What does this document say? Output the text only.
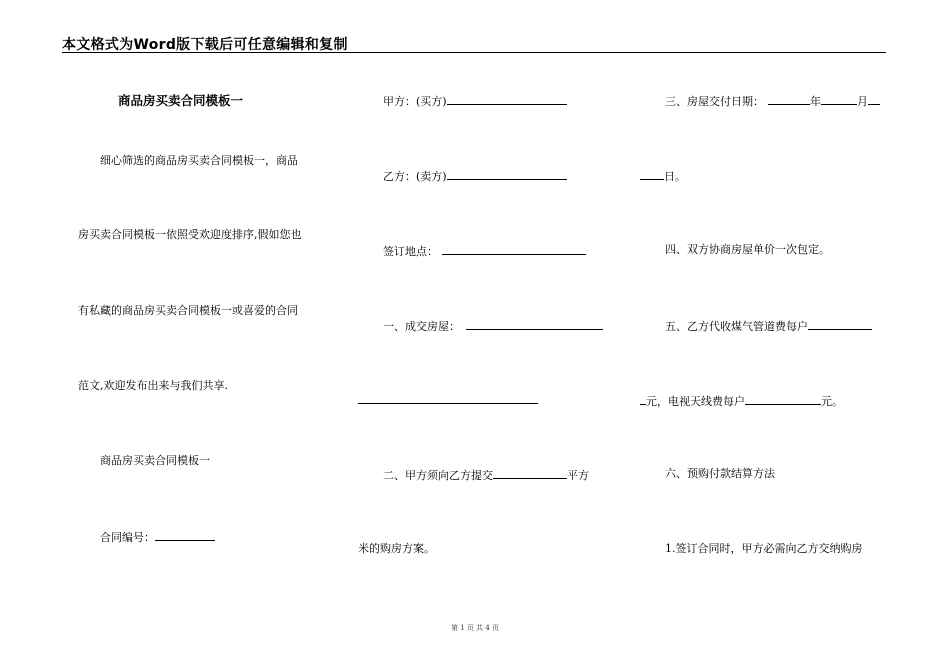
本文格式为Word版下载后可任意编辑和复制
商品房买卖合同模板一
细心筛选的商品房买卖合同模板一，商品
房买卖合同模板一依照受欢迎度排序,假如您也
有私藏的商品房买卖合同模板一或喜爱的合同
范文,欢迎发布出来与我们共享.
商品房买卖合同模板一
合同编号：
甲方：(买方)
乙方：(卖方)
签订地点：
一、成交房屋：
二、甲方须向乙方提交	平方
米的购房方案。
三、房屋交付日期：	年	月
日。
四、双方协商房屋单价一次包定。
五、乙方代收煤气管道费每户
元，电视天线费每户	元。
六、预购付款结算方法
1.签订合同时，甲方必需向乙方交纳购房
第 1 页 共 4 页
